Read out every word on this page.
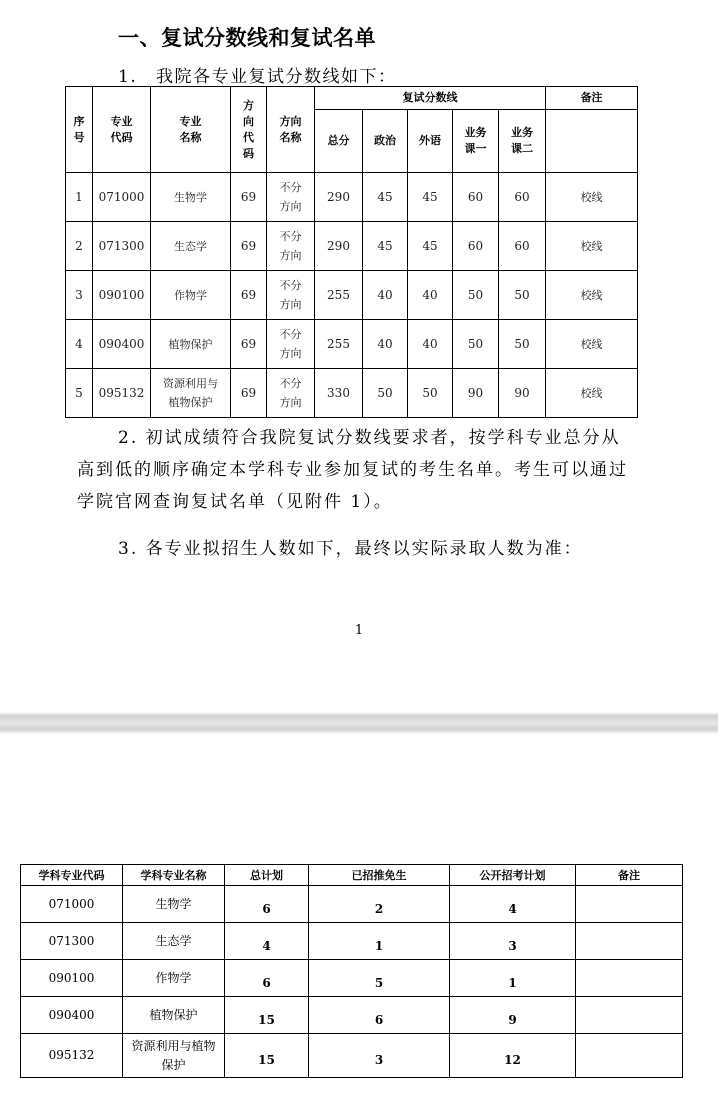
一、复试分数线和复试名单
1. 我院各专业复试分数线如下：
序号	专业代码	专业名称	方向代码	方向名称	复试分数线					备注
					总分	政治	外语	业务课一	业务课二	

1	071000	生物学	69	不分方向	290	45	45	60	60	校线
2	071300	生态学	69	不分方向	290	45	45	60	60	校线
3	090100	作物学	69	不分方向	255	40	40	50	50	校线
4	090400	植物保护	69	不分方向	255	40	40	50	50	校线
5	095132	资源利用与植物保护	69	不分方向	330	50	50	90	90	校线
2. 初试成绩符合我院复试分数线要求者，按学科专业总分从高到低的顺序确定本学科专业参加复试的考生名单。考生可以通过学院官网查询复试名单（见附件 1）。
3. 各专业拟招生人数如下，最终以实际录取人数为准：
1
学科专业代码	学科专业名称	总计划	已招推免生	公开招考计划	备注
071000	生物学	6	2	4	
071300	生态学	4	1	3	
090100	作物学	6	5	1	
090400	植物保护	15	6	9	
095132	资源利用与植物保护	15	3	12	
